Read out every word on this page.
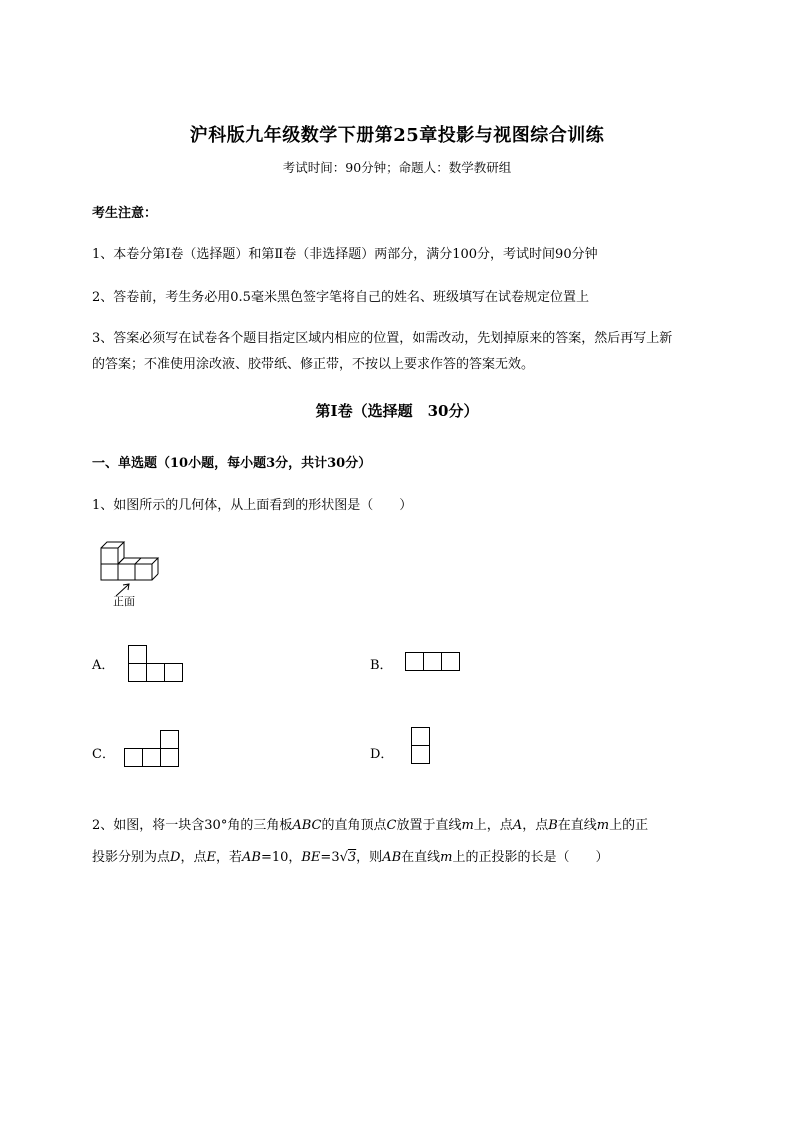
沪科版九年级数学下册第25章投影与视图综合训练
考试时间：90分钟；命题人：数学教研组
考生注意：
1、本卷分第I卷（选择题）和第Ⅱ卷（非选择题）两部分，满分100分，考试时间90分钟
2、答卷前，考生务必用0.5毫米黑色签字笔将自己的姓名、班级填写在试卷规定位置上
3、答案必须写在试卷各个题目指定区域内相应的位置，如需改动，先划掉原来的答案，然后再写上新
的答案；不准使用涂改液、胶带纸、修正带，不按以上要求作答的答案无效。
第I卷（选择题　30分）
一、单选题（10小题，每小题3分，共计30分）
1、如图所示的几何体，从上面看到的形状图是（　　）
正面
A．	B．
C．	D．
2、如图，将一块含30°角的三角板ABC的直角顶点C放置于直线m上，点A，点B在直线m上的正
投影分别为点D，点E，若AB=10，BE=3√3，则AB在直线m上的正投影的长是（　　）
